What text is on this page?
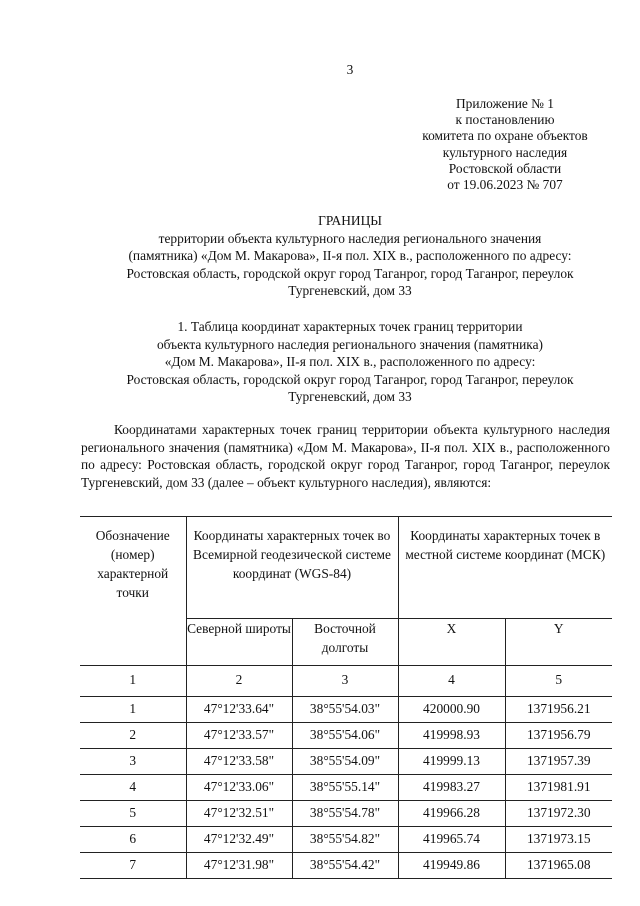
3
Приложение № 1
к постановлению
комитета по охране объектов
культурного наследия
Ростовской области
от 19.06.2023 № 707
ГРАНИЦЫ
территории объекта культурного наследия регионального значения
(памятника) «Дом М. Макарова», II-я пол. XIX в., расположенного по адресу:
Ростовская область, городской округ город Таганрог, город Таганрог, переулок
Тургеневский, дом 33
1. Таблица координат характерных точек границ территории
объекта культурного наследия регионального значения (памятника)
«Дом М. Макарова», II-я пол. XIX в., расположенного по адресу:
Ростовская область, городской округ город Таганрог, город Таганрог, переулок
Тургеневский, дом 33
Координатами характерных точек границ территории объекта культурного наследия регионального значения (памятника) «Дом М. Макарова», II-я пол. XIX в., расположенного по адресу: Ростовская область, городской округ город Таганрог, город Таганрог, переулок Тургеневский, дом 33 (далее – объект культурного наследия), являются:
Обозначение (номер) характерной точки	Координаты характерных точек во Всемирной геодезической системе координат (WGS-84)		Координаты характерных точек в местной системе координат (МСК)	
	Северной широты	Восточной долготы	X	Y
1	2	3	4	5
1	47°12'33.64"	38°55'54.03"	420000.90	1371956.21
2	47°12'33.57"	38°55'54.06"	419998.93	1371956.79
3	47°12'33.58"	38°55'54.09"	419999.13	1371957.39
4	47°12'33.06"	38°55'55.14"	419983.27	1371981.91
5	47°12'32.51"	38°55'54.78"	419966.28	1371972.30
6	47°12'32.49"	38°55'54.82"	419965.74	1371973.15
7	47°12'31.98"	38°55'54.42"	419949.86	1371965.08
